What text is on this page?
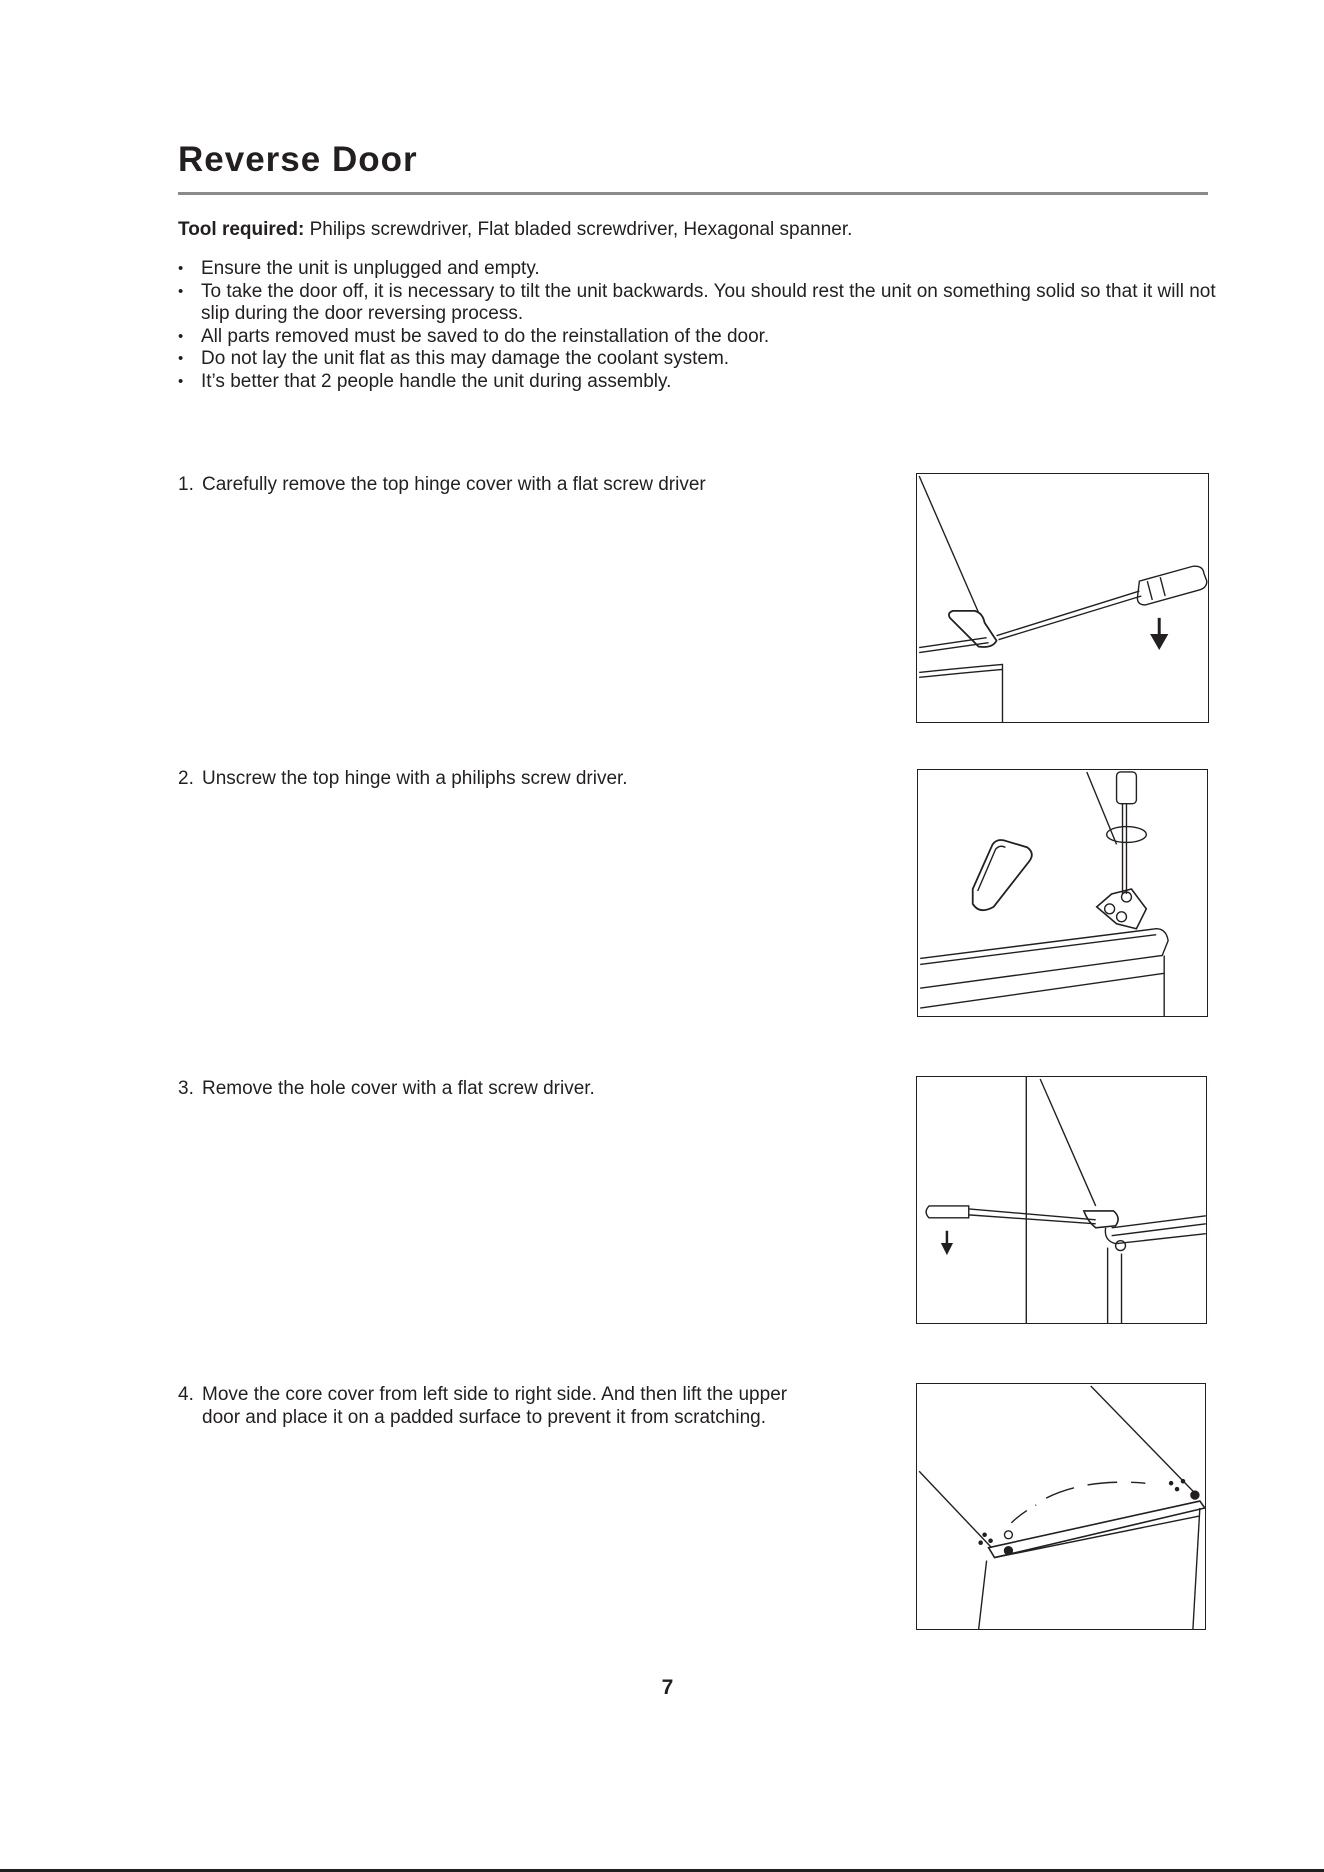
Reverse Door
Tool required: Philips screwdriver, Flat bladed screwdriver, Hexagonal spanner.
• Ensure the unit is unplugged and empty.
• To take the door off, it is necessary to tilt the unit backwards. You should rest the unit on something solid so that it will not slip during the door reversing process.
• All parts removed must be saved to do the reinstallation of the door.
• Do not lay the unit flat as this may damage the coolant system.
• It’s better that 2 people handle the unit during assembly.
1. Carefully remove the top hinge cover with a flat screw driver
2. Unscrew the top hinge with a philiphs screw driver.
3. Remove the hole cover with a flat screw driver.
4. Move the core cover from left side to right side. And then lift the upper
door and place it on a padded surface to prevent it from scratching.
7
